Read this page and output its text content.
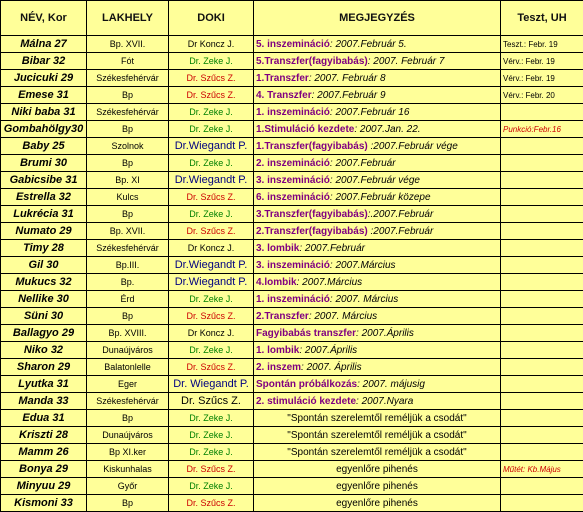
NÉV, Kor	LAKHELY	DOKI	MEGJEGYZÉS	Teszt, UH
Málna 27	Bp. XVII.	Dr Koncz J.	5. inszemináció: 2007.Február 5.	Teszt.: Febr. 19
Bibar 32	Fót	Dr. Zeke J.	5.Transzfer(fagyibabás): 2007. Február 7	Vérv.: Febr. 19
Jucicuki 29	Székesfehérvár	Dr. Szűcs Z.	1.Transzfer: 2007. Február 8	Vérv.: Febr. 19
Emese 31	Bp	Dr. Szűcs Z.	4. Transzfer: 2007.Február 9	Vérv.: Febr. 20
Niki baba 31	Székesfehérvár	Dr. Zeke J.	1. inszemináció: 2007.Február 16	
Gombahölgy30	Bp	Dr. Zeke J.	1.Stimuláció kezdete: 2007.Jan. 22.	Punkció:Febr.16
Baby 25	Szolnok	Dr.Wiegandt P.	1.Transzfer(fagyibabás) :2007.Február vége	
Brumi 30	Bp	Dr. Zeke J.	2. inszemináció: 2007.Február	
Gabicsibe 31	Bp. XI	Dr.Wiegandt P.	3. inszemináció: 2007.Február vége	
Estrella 32	Kulcs	Dr. Szűcs Z.	6. inszemináció: 2007.Február közepe	
Lukrécia 31	Bp	Dr. Zeke J.	3.Transzfer(fagyibabás):.2007.Február	
Numato 29	Bp. XVII.	Dr. Szűcs Z.	2.Transzfer(fagyibabás) :2007.Február	
Timy 28	Székesfehérvár	Dr Koncz J.	3. lombik: 2007.Február	
Gil 30	Bp.III.	Dr.Wiegandt P.	3. inszemináció: 2007.Március	
Mukucs 32	Bp.	Dr.Wiegandt P.	4.lombik: 2007.Március	
Nellike 30	Érd	Dr. Zeke J.	1. inszemináció: 2007. Március	
Süni 30	Bp	Dr. Szűcs Z.	2.Transzfer: 2007. Március	
Ballagyo 29	Bp. XVIII.	Dr Koncz J.	Fagyibabás transzfer: 2007.Április	
Niko 32	Dunaújváros	Dr. Zeke J.	1. lombik: 2007.Április	
Sharon 29	Balatonlelle	Dr. Szűcs Z.	2. inszem: 2007. Április	
Lyutka 31	Eger	Dr. Wiegandt P.	Spontán próbálkozás: 2007. májusig	
Manda 33	Székesfehérvár	Dr. Szűcs Z.	2. stimuláció kezdete: 2007.Nyara	
Edua 31	Bp	Dr. Zeke J.	"Spontán szerelemtől reméljük a csodát"	
Kriszti 28	Dunaújváros	Dr. Zeke J.	"Spontán szerelemtől reméljük a csodát"	
Mamm 26	Bp XI.ker	Dr. Zeke J.	"Spontán szerelemtől reméljük a csodát"	
Bonya 29	Kiskunhalas	Dr. Szűcs Z.	egyenlőre pihenés	Műtét: Kb.Május
Minyuu 29	Győr	Dr. Zeke J.	egyenlőre pihenés	
Kismoni 33	Bp	Dr. Szűcs Z.	egyenlőre pihenés	
